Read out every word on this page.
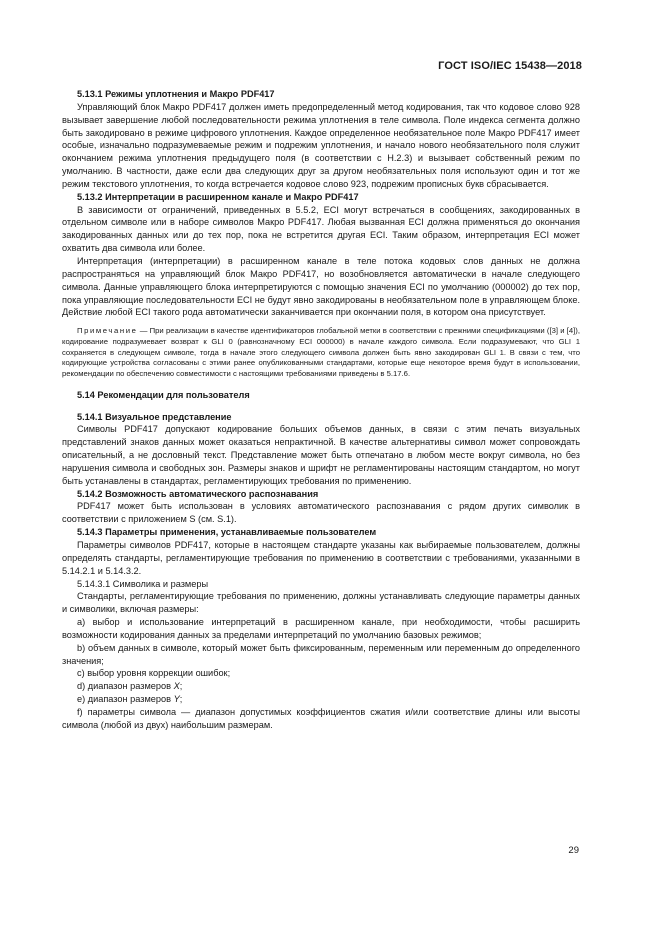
ГОСТ ISO/IEC 15438—2018

5.13.1 Режимы уплотнения и Макро PDF417

Управляющий блок Макро PDF417 должен иметь предопределенный метод кодирования, так что кодовое слово 928 вызывает завершение любой последовательности режима уплотнения в теле символа. Поле индекса сегмента должно быть закодировано в режиме цифрового уплотнения. Каждое определенное необязательное поле Макро PDF417 имеет особые, изначально подразумеваемые режим и подрежим уплотнения, и начало нового необязательного поля служит окончанием режима уплотнения предыдущего поля (в соответствии с Н.2.3) и вызывает собственный режим по умолчанию. В частности, даже если два следующих друг за другом необязательных поля используют один и тот же режим текстового уплотнения, то когда встречается кодовое слово 923, подрежим прописных букв сбрасывается.

5.13.2 Интерпретации в расширенном канале и Макро PDF417

В зависимости от ограничений, приведенных в 5.5.2, ECI могут встречаться в сообщениях, закодированных в отдельном символе или в наборе символов Макро PDF417. Любая вызванная ECI должна применяться до окончания закодированных данных или до тех пор, пока не встретится другая ECI. Таким образом, интерпретация ECI может охватить два символа или более.

Интерпретация (интерпретации) в расширенном канале в теле потока кодовых слов данных не должна распространяться на управляющий блок Макро PDF417, но возобновляется автоматически в начале следующего символа. Данные управляющего блока интерпретируются с помощью значения ECI по умолчанию (000002) до тех пор, пока управляющие последовательности ECI не будут явно закодированы в необязательном поле в управляющем блоке. Действие любой ECI такого рода автоматически заканчивается при окончании поля, в котором она присутствует.

Примечание — При реализации в качестве идентификаторов глобальной метки в соответствии с прежними спецификациями ([3] и [4]), кодирование подразумевает возврат к GLI 0 (равнозначному ECI 000000) в начале каждого символа. Если подразумевают, что GLI 1 сохраняется в следующем символе, тогда в начале этого следующего символа должен быть явно закодирован GLI 1. В связи с тем, что кодирующие устройства согласованы с этими ранее опубликованными стандартами, которые еще некоторое время будут в использовании, рекомендации по обеспечению совместимости с настоящими требованиями приведены в 5.17.6.

5.14 Рекомендации для пользователя

5.14.1 Визуальное представление

Символы PDF417 допускают кодирование больших объемов данных, в связи с этим печать визуальных представлений знаков данных может оказаться непрактичной. В качестве альтернативы символ может сопровождать описательный, а не дословный текст. Представление может быть отпечатано в любом месте вокруг символа, но без нарушения символа и свободных зон. Размеры знаков и шрифт не регламентированы настоящим стандартом, но могут быть устанавлены в стандартах, регламентирующих требования по применению.

5.14.2 Возможность автоматического распознавания

PDF417 может быть использован в условиях автоматического распознавания с рядом других символик в соответствии с приложением S (см. S.1).

5.14.3 Параметры применения, устанавливаемые пользователем

Параметры символов PDF417, которые в настоящем стандарте указаны как выбираемые пользователем, должны определять стандарты, регламентирующие требования по применению в соответствии с требованиями, указанными в 5.14.2.1 и 5.14.3.2.

5.14.3.1 Символика и размеры

Стандарты, регламентирующие требования по применению, должны устанавливать следующие параметры данных и символики, включая размеры:

а) выбор и использование интерпретаций в расширенном канале, при необходимости, чтобы расширить возможности кодирования данных за пределами интерпретаций по умолчанию базовых режимов;

b) объем данных в символе, который может быть фиксированным, переменным или переменным до определенного значения;

c) выбор уровня коррекции ошибок;

d) диапазон размеров X;

е) диапазон размеров Y;

f) параметры символа — диапазон допустимых коэффициентов сжатия и/или соответствие длины или высоты символа (любой из двух) наибольшим размерам.

29
